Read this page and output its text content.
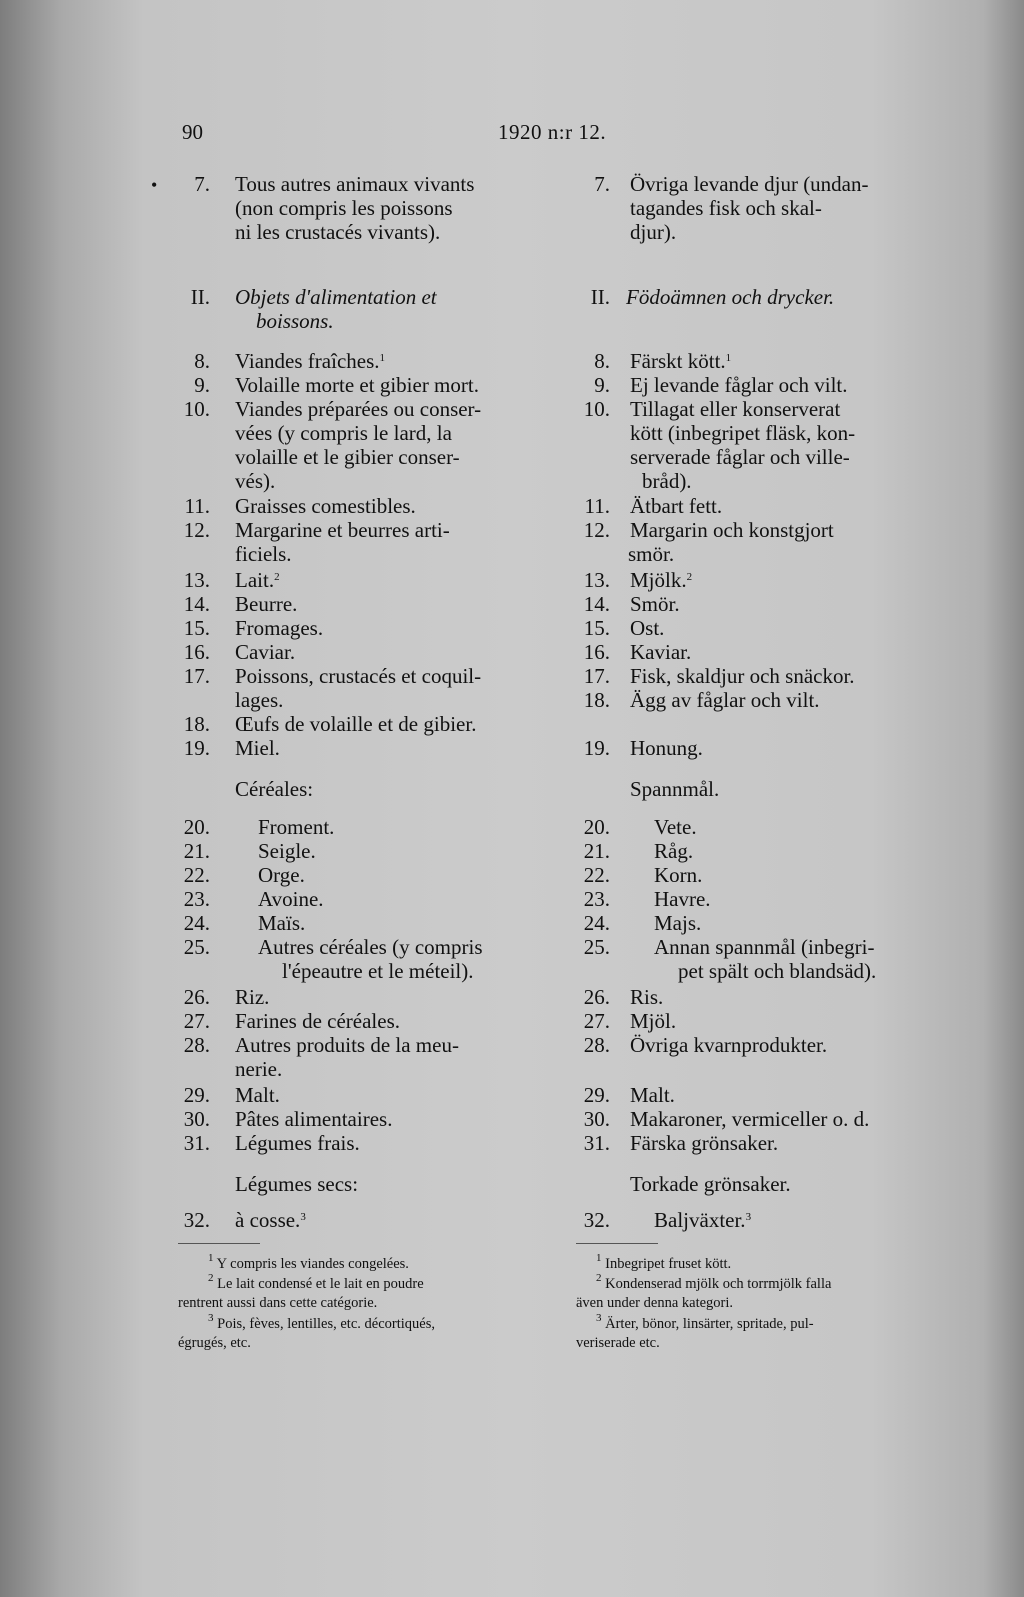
90	1920 n:r 12.
•	7. Tous autres animaux vivants
(non compris les poissons
ni les crustacés vivants).
II. Objets d'alimentation et
boissons.
8. Viandes fraîches.$^1$
9. Volaille morte et gibier mort.
10. Viandes préparées ou conser-
vées (y compris le lard, la
volaille et le gibier conser-
vés).
11. Graisses comestibles.
12. Margarine et beurres arti-
ficiels.
13. Lait.$^2$
14. Beurre.
15. Fromages.
16. Caviar.
17. Poissons, crustacés et coquil-
lages.
18. Œufs de volaille et de gibier.
19. Miel.
Céréales:
20. Froment.
21. Seigle.
22. Orge.
23. Avoine.
24. Maïs.
25. Autres céréales (y compris
l'épeautre et le méteil).
26. Riz.
27. Farines de céréales.
28. Autres produits de la meu-
nerie.
29. Malt.
30. Pâtes alimentaires.
31. Légumes frais.
Légumes secs:
32. à cosse.$^3$
7. Övriga levande djur (undan-
tagandes fisk och skal-
djur).
II. Födoämnen och drycker.
8. Färskt kött.$^1$
9. Ej levande fåglar och vilt.
10. Tillagat eller konserverat
kött (inbegripet fläsk, kon-
serverade fåglar och ville-
bråd).
11. Ätbart fett.
12. Margarin och konstgjort
smör.
13. Mjölk.$^2$
14. Smör.
15. Ost.
16. Kaviar.
17. Fisk, skaldjur och snäckor.
18. Ägg av fåglar och vilt.
19. Honung.
Spannmål.
20. Vete.
21. Råg.
22. Korn.
23. Havre.
24. Majs.
25. Annan spannmål (inbegri-
pet spält och blandsäd).
26. Ris.
27. Mjöl.
28. Övriga kvarnprodukter.
29. Malt.
30. Makaroner, vermiceller o. d.
31. Färska grönsaker.
Torkade grönsaker.
32. Baljväxter.$^3$
$^1$ Y compris les viandes congelées.
$^2$ Le lait condensé et le lait en poudre
rentrent aussi dans cette catégorie.
$^3$ Pois, fèves, lentilles, etc. décortiqués,
égrugés, etc.
$^1$ Inbegripet fruset kött.
$^2$ Kondenserad mjölk och torrmjölk falla
även under denna kategori.
$^3$ Ärter, bönor, linsärter, spritade, pul-
veriserade etc.
